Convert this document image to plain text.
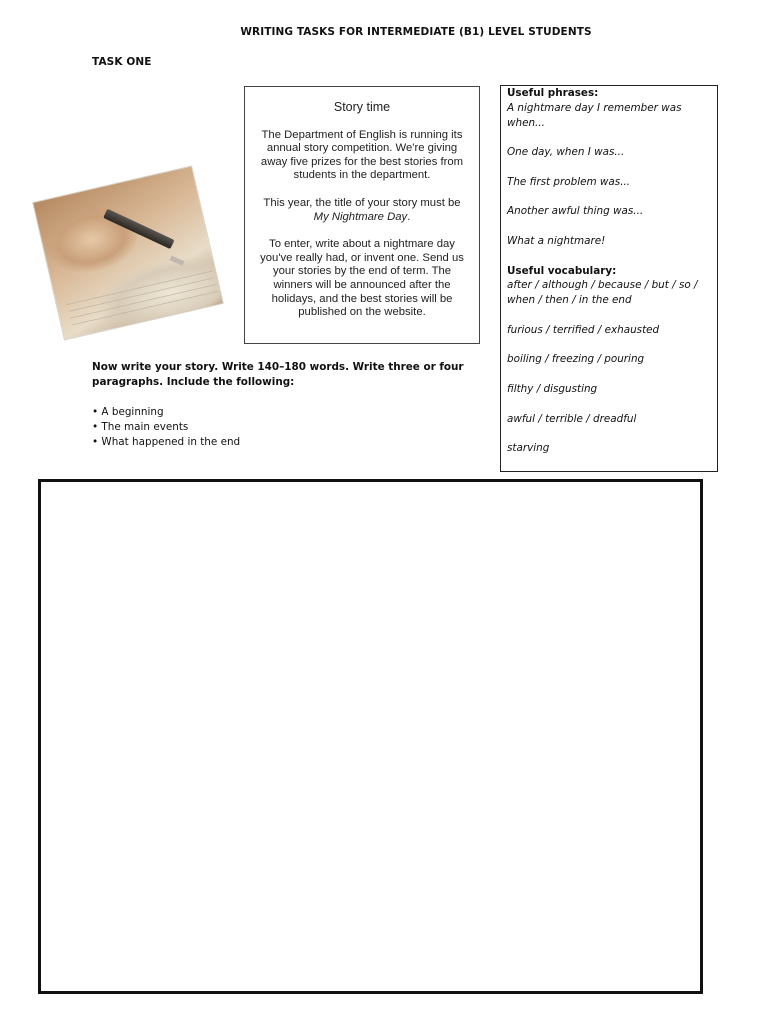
WRITING TASKS FOR INTERMEDIATE (B1) LEVEL STUDENTS
TASK ONE
Story time

The Department of English is running its annual story competition. We're giving away five prizes for the best stories from students in the department.

This year, the title of your story must be My Nightmare Day.

To enter, write about a nightmare day you've really had, or invent one. Send us your stories by the end of term. The winners will be announced after the holidays, and the best stories will be published on the website.

Useful phrases:

A nightmare day I remember was when...

One day, when I was...

The first problem was...

Another awful thing was...

What a nightmare!

Useful vocabulary:

after / although / because / but / so / when / then / in the end

furious / terrified / exhausted

boiling / freezing / pouring

filthy / disgusting

awful / terrible / dreadful

starving

Now write your story. Write 140–180 words. Write three or four paragraphs. Include the following:

• A beginning

• The main events

• What happened in the end
